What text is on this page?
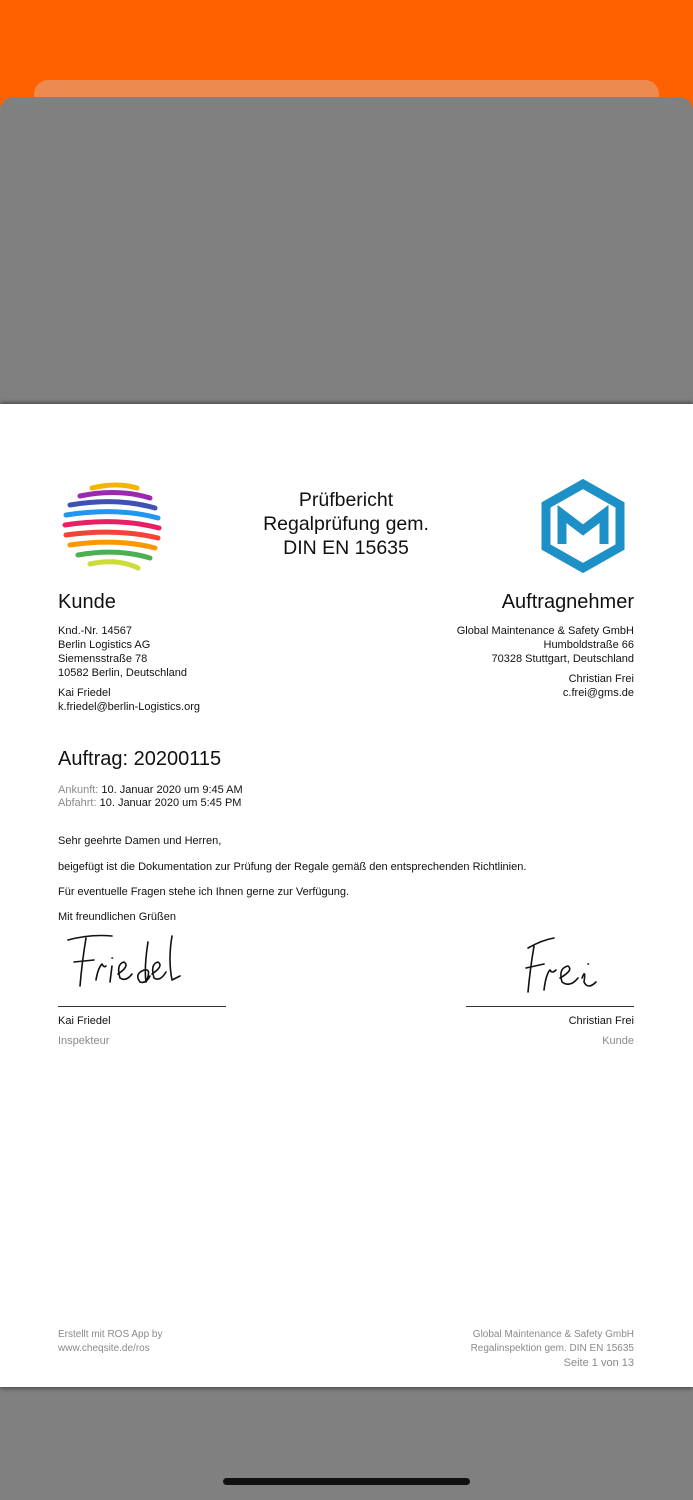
Prüfbericht
Regalprüfung gem.
DIN EN 15635
Kunde	Auftragnehmer
Knd.-Nr. 14567
Berlin Logistics AG
Siemensstraße 78
10582 Berlin, Deutschland
Kai Friedel
k.friedel@berlin-Logistics.org
Global Maintenance & Safety GmbH
Humboldstraße 66
70328 Stuttgart, Deutschland
Christian Frei
c.frei@gms.de
Auftrag: 20200115
Ankunft: 10. Januar 2020 um 9:45 AM
Abfahrt: 10. Januar 2020 um 5:45 PM
Sehr geehrte Damen und Herren,
beigefügt ist die Dokumentation zur Prüfung der Regale gemäß den entsprechenden Richtlinien.
Für eventuelle Fragen stehe ich Ihnen gerne zur Verfügung.
Mit freundlichen Grüßen
Kai Friedel
Inspekteur
Christian Frei
Kunde
Erstellt mit ROS App by
www.cheqsite.de/ros
Global Maintenance & Safety GmbH
Regalinspektion gem. DIN EN 15635
Seite 1 von 13
